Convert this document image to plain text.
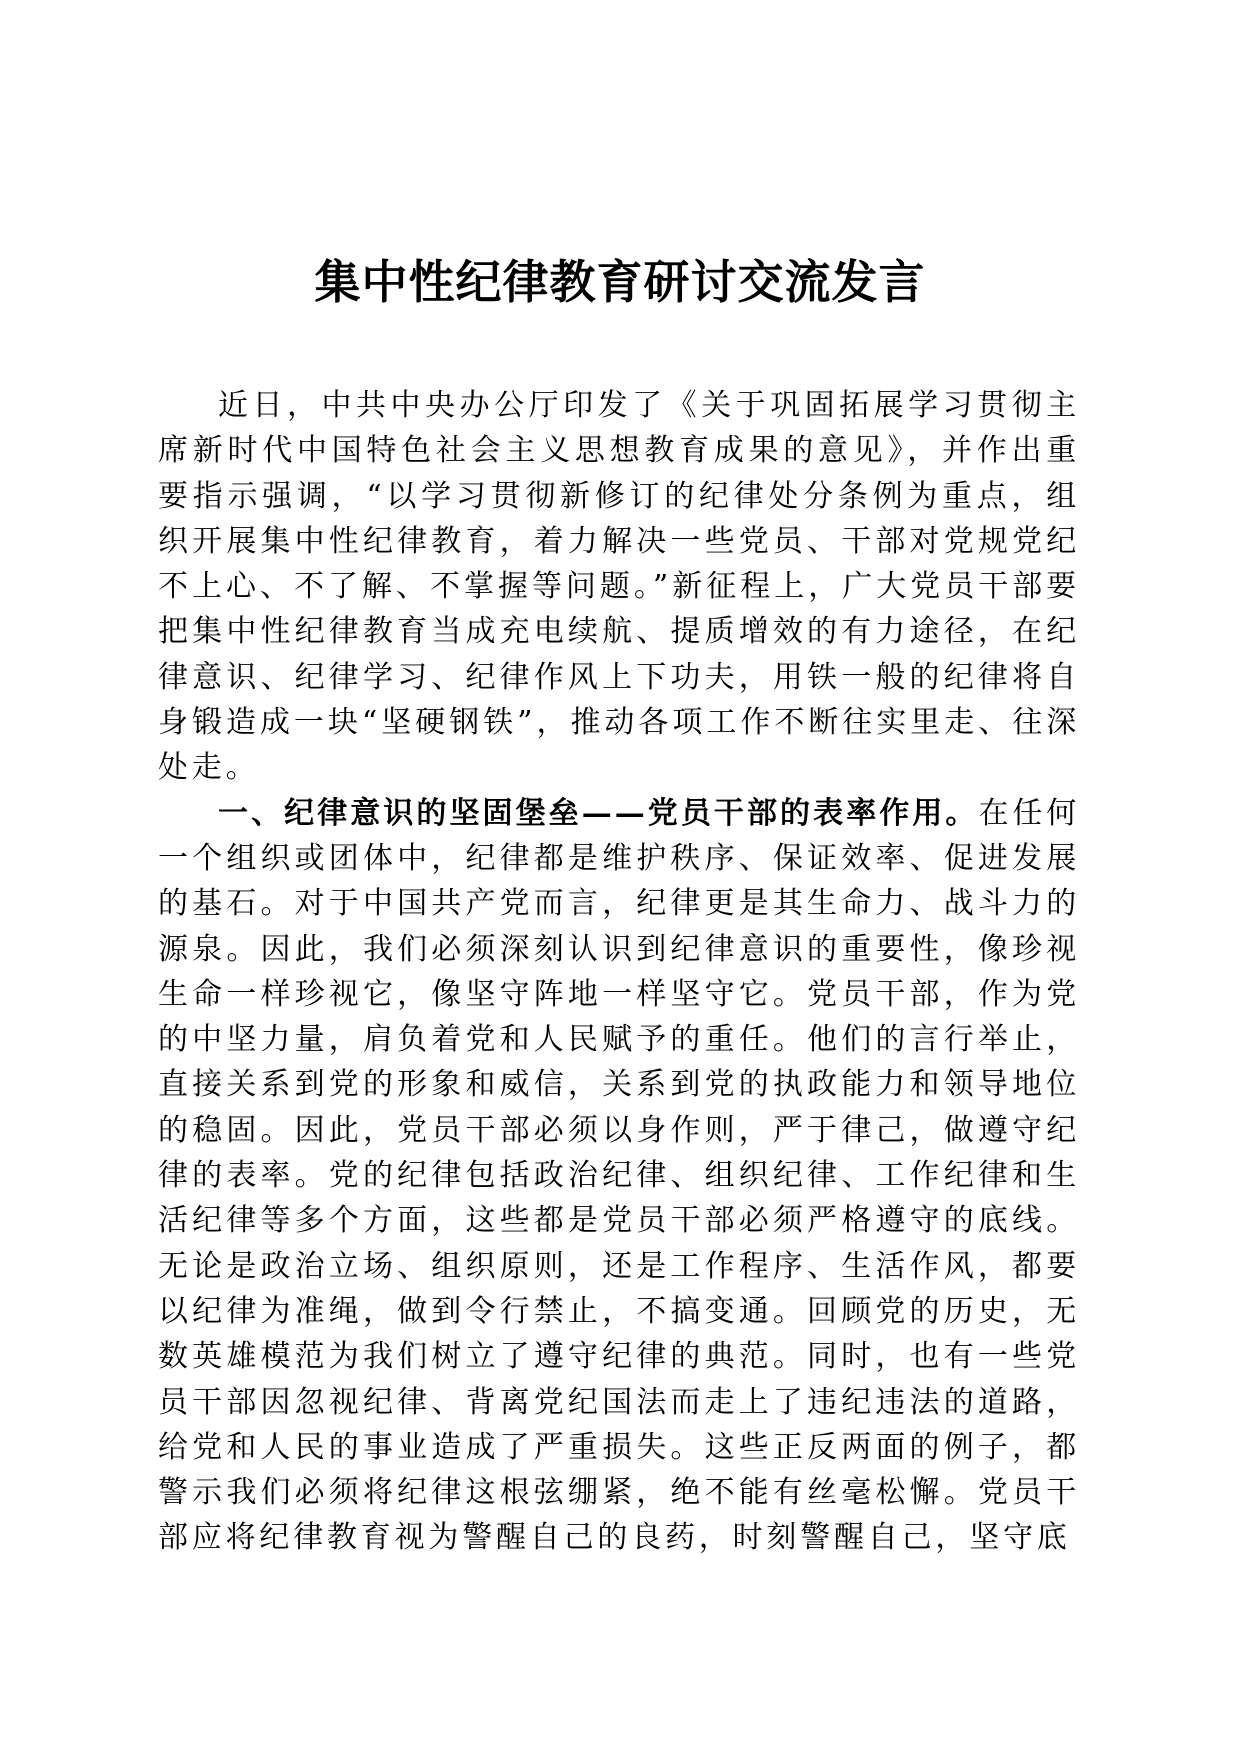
集中性纪律教育研讨交流发言

近日，中共中央办公厅印发了《关于巩固拓展学习贯彻主席新时代中国特色社会主义思想教育成果的意见》，并作出重要指示强调，“以学习贯彻新修订的纪律处分条例为重点，组织开展集中性纪律教育，着力解决一些党员、干部对党规党纪不上心、不了解、不掌握等问题。”新征程上，广大党员干部要把集中性纪律教育当成充电续航、提质增效的有力途径，在纪律意识、纪律学习、纪律作风上下功夫，用铁一般的纪律将自身锻造成一块“坚硬钢铁”，推动各项工作不断往实里走、往深处走。

一、纪律意识的坚固堡垒——党员干部的表率作用。在任何一个组织或团体中，纪律都是维护秩序、保证效率、促进发展的基石。对于中国共产党而言，纪律更是其生命力、战斗力的源泉。因此，我们必须深刻认识到纪律意识的重要性，像珍视生命一样珍视它，像坚守阵地一样坚守它。党员干部，作为党的中坚力量，肩负着党和人民赋予的重任。他们的言行举止，直接关系到党的形象和威信，关系到党的执政能力和领导地位的稳固。因此，党员干部必须以身作则，严于律己，做遵守纪律的表率。党的纪律包括政治纪律、组织纪律、工作纪律和生活纪律等多个方面，这些都是党员干部必须严格遵守的底线。无论是政治立场、组织原则，还是工作程序、生活作风，都要以纪律为准绳，做到令行禁止，不搞变通。回顾党的历史，无数英雄模范为我们树立了遵守纪律的典范。同时，也有一些党员干部因忽视纪律、背离党纪国法而走上了违纪违法的道路，给党和人民的事业造成了严重损失。这些正反两面的例子，都警示我们必须将纪律这根弦绷紧，绝不能有丝毫松懈。党员干部应将纪律教育视为警醒自己的良药，时刻警醒自己，坚守底
